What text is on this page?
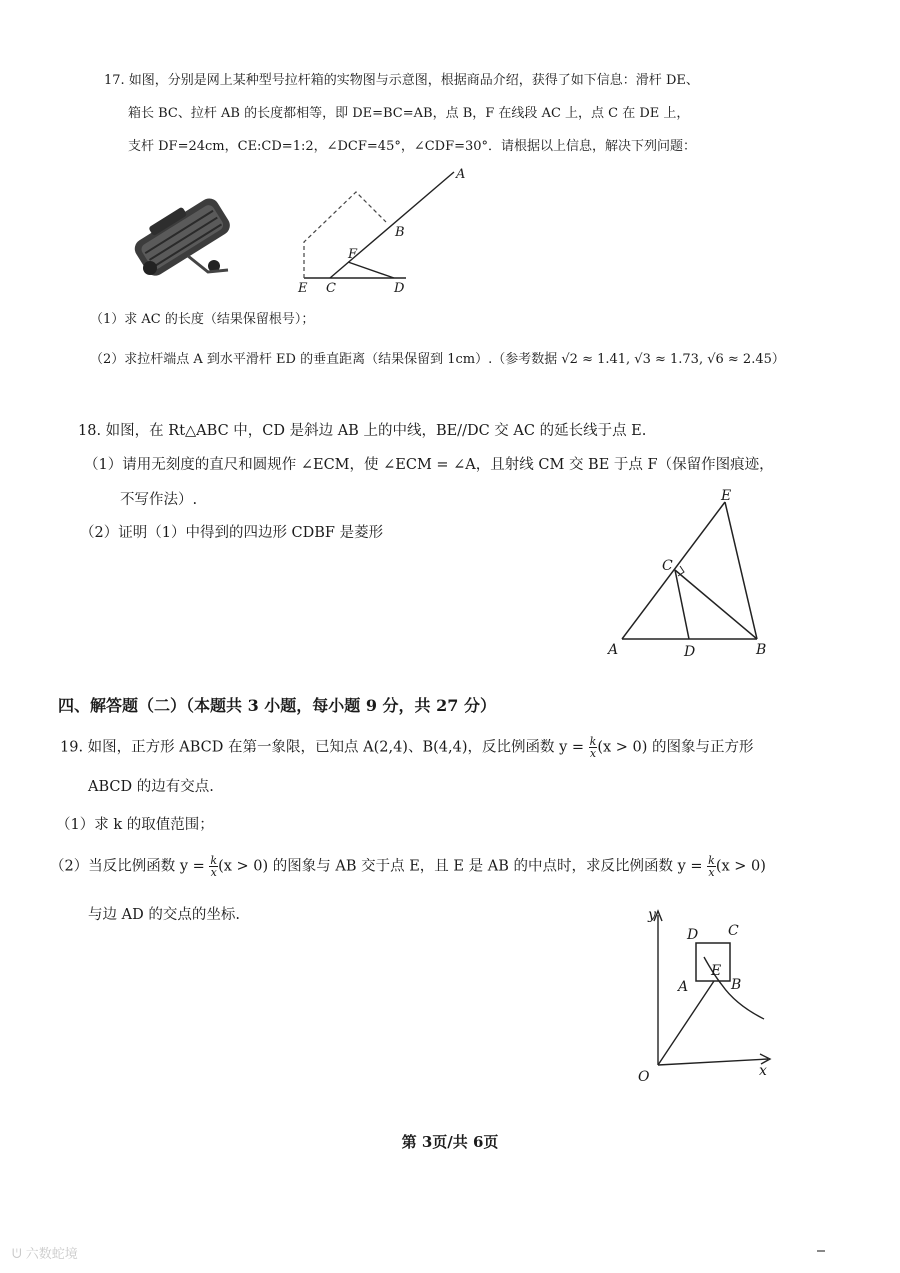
17. 如图，分别是网上某种型号拉杆箱的实物图与示意图，根据商品介绍，获得了如下信息：滑杆 DE、
箱长 BC、拉杆 AB 的长度都相等，即 DE=BC=AB，点 B，F 在线段 AC 上，点 C 在 DE 上，
支杆 DF=24cm，CE:CD=1:2，∠DCF=45°，∠CDF=30°．请根据以上信息，解决下列问题：
A
B
F
E C	D
（1）求 AC 的长度（结果保留根号）；
（2）求拉杆端点 A 到水平滑杆 ED 的垂直距离（结果保留到 1cm）.（参考数据 √2 ≈ 1.41, √3 ≈ 1.73, √6 ≈ 2.45）
18. 如图，在 Rt△ABC 中，CD 是斜边 AB 上的中线，BE//DC 交 AC 的延长线于点 E.
（1）请用无刻度的直尺和圆规作 ∠ECM，使 ∠ECM = ∠A，且射线 CM 交 BE 于点 F（保留作图痕迹，
不写作法）.
（2）证明（1）中得到的四边形 CDBF 是菱形
E
C
A	D	B
四、解答题（二）（本题共 3 小题，每小题 9 分，共 27 分）
19. 如图，正方形 ABCD 在第一象限，已知点 A(2,4)、B(4,4)，反比例函数 $y = \frac{k}{x} (x > 0)$ 的图象与正方形
ABCD 的边有交点.
（1）求 k 的取值范围；
（2）当反比例函数 $y = \frac{k}{x} (x > 0)$ 的图象与 AB 交于点 E，且 E 是 AB 的中点时，求反比例函数 $y = \frac{k}{x} (x > 0)$
与边 AD 的交点的坐标.	y
x
O
D C
A
E
B
第 3页/共 6页
ᕫ 六数蛇境
